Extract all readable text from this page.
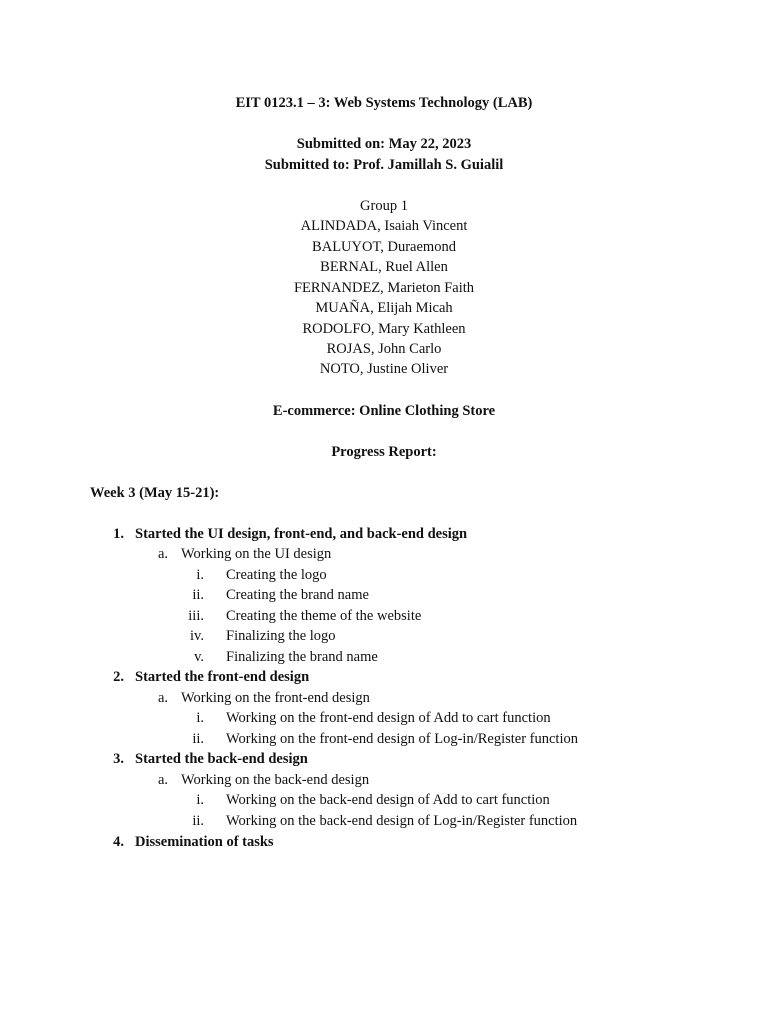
EIT 0123.1 – 3: Web Systems Technology (LAB)
Submitted on: May 22, 2023
Submitted to: Prof. Jamillah S. Guialil
Group 1
ALINDADA, Isaiah Vincent
BALUYOT, Duraemond
BERNAL, Ruel Allen
FERNANDEZ, Marieton Faith
MUAÑA, Elijah Micah
RODOLFO, Mary Kathleen
ROJAS, John Carlo
NOTO, Justine Oliver
E-commerce: Online Clothing Store
Progress Report:
Week 3 (May 15-21):
1. Started the UI design, front-end, and back-end design
a. Working on the UI design
i. Creating the logo
ii. Creating the brand name
iii. Creating the theme of the website
iv. Finalizing the logo
v. Finalizing the brand name
2. Started the front-end design
a. Working on the front-end design
i. Working on the front-end design of Add to cart function
ii. Working on the front-end design of Log-in/Register function
3. Started the back-end design
a. Working on the back-end design
i. Working on the back-end design of Add to cart function
ii. Working on the back-end design of Log-in/Register function
4. Dissemination of tasks
